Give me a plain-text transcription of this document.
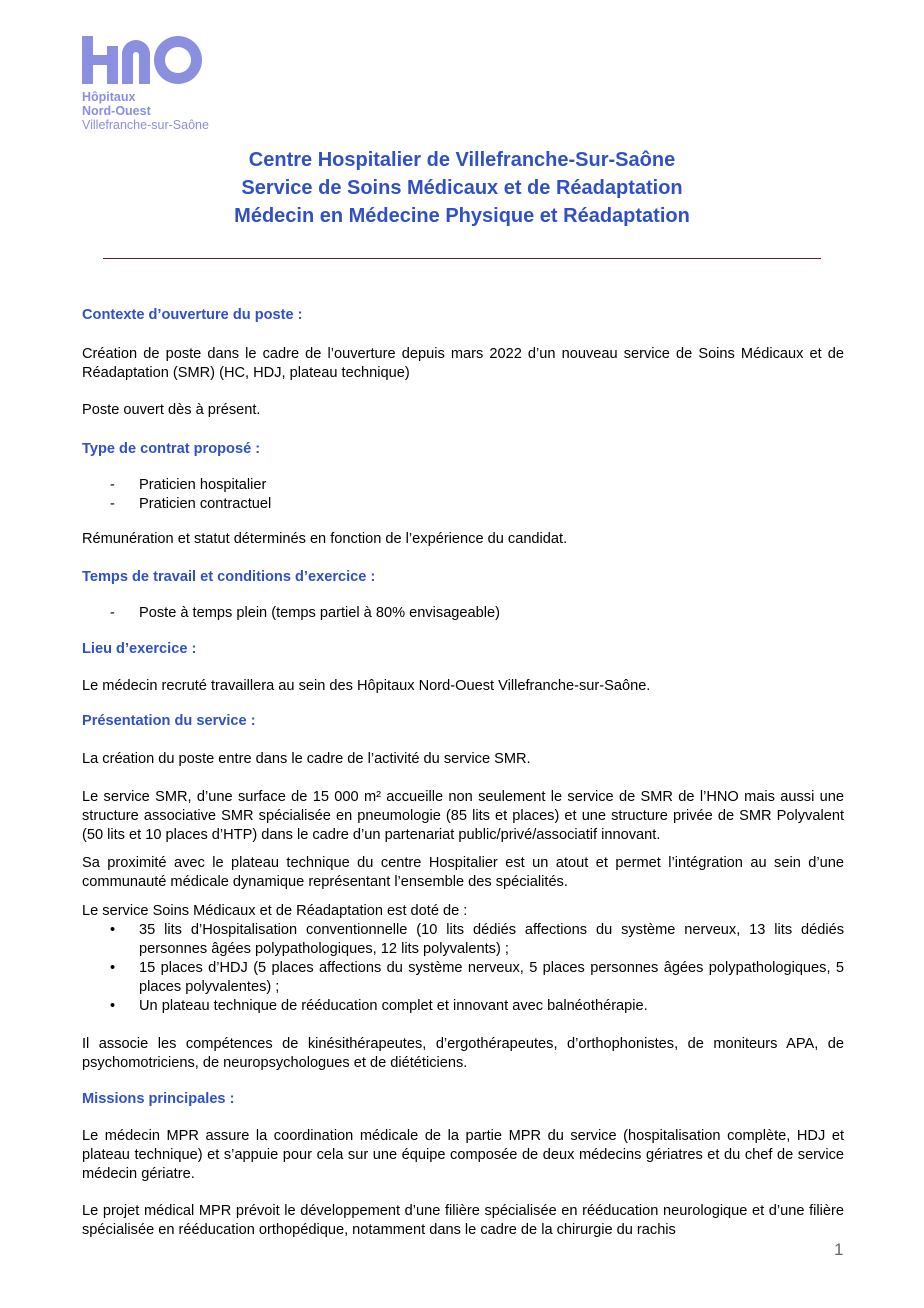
Hôpitaux
Nord-Ouest
Villefranche-sur-Saône
Centre Hospitalier de Villefranche-Sur-Saône
Service de Soins Médicaux et de Réadaptation
Médecin en Médecine Physique et Réadaptation
Contexte d’ouverture du poste :

Création de poste dans le cadre de l’ouverture depuis mars 2022 d’un nouveau service de Soins Médicaux et de Réadaptation (SMR) (HC, HDJ, plateau technique)

Poste ouvert dès à présent.

Type de contrat proposé :
- Praticien hospitalier
- Praticien contractuel

Rémunération et statut déterminés en fonction de l’expérience du candidat.

Temps de travail et conditions d’exercice :
- Poste à temps plein (temps partiel à 80% envisageable)
Lieu d’exercice :

Le médecin recruté travaillera au sein des Hôpitaux Nord-Ouest Villefranche-sur-Saône.

Présentation du service :

La création du poste entre dans le cadre de l’activité du service SMR.

Le service SMR, d’une surface de 15 000 m² accueille non seulement le service de SMR de l’HNO mais aussi une structure associative SMR spécialisée en pneumologie (85 lits et places) et une structure privée de SMR Polyvalent (50 lits et 10 places d’HTP) dans le cadre d’un partenariat public/privé/associatif innovant.

Sa proximité avec le plateau technique du centre Hospitalier est un atout et permet l’intégration au sein d’une communauté médicale dynamique représentant l’ensemble des spécialités.

Le service Soins Médicaux et de Réadaptation est doté de :

• 35 lits d’Hospitalisation conventionnelle (10 lits dédiés affections du système nerveux, 13 lits dédiés personnes âgées polypathologiques, 12 lits polyvalents) ;
• 15 places d’HDJ (5 places affections du système nerveux, 5 places personnes âgées polypathologiques, 5 places polyvalentes) ;
• Un plateau technique de rééducation complet et innovant avec balnéothérapie.

Il associe les compétences de kinésithérapeutes, d’ergothérapeutes, d’orthophonistes, de moniteurs APA, de psychomotriciens, de neuropsychologues et de diététiciens.

Missions principales :

Le médecin MPR assure la coordination médicale de la partie MPR du service (hospitalisation complète, HDJ et plateau technique) et s’appuie pour cela sur une équipe composée de deux médecins gériatres et du chef de service médecin gériatre.

Le projet médical MPR prévoit le développement d’une filière spécialisée en rééducation neurologique et d’une filière spécialisée en rééducation orthopédique, notamment dans le cadre de la chirurgie du rachis

1
